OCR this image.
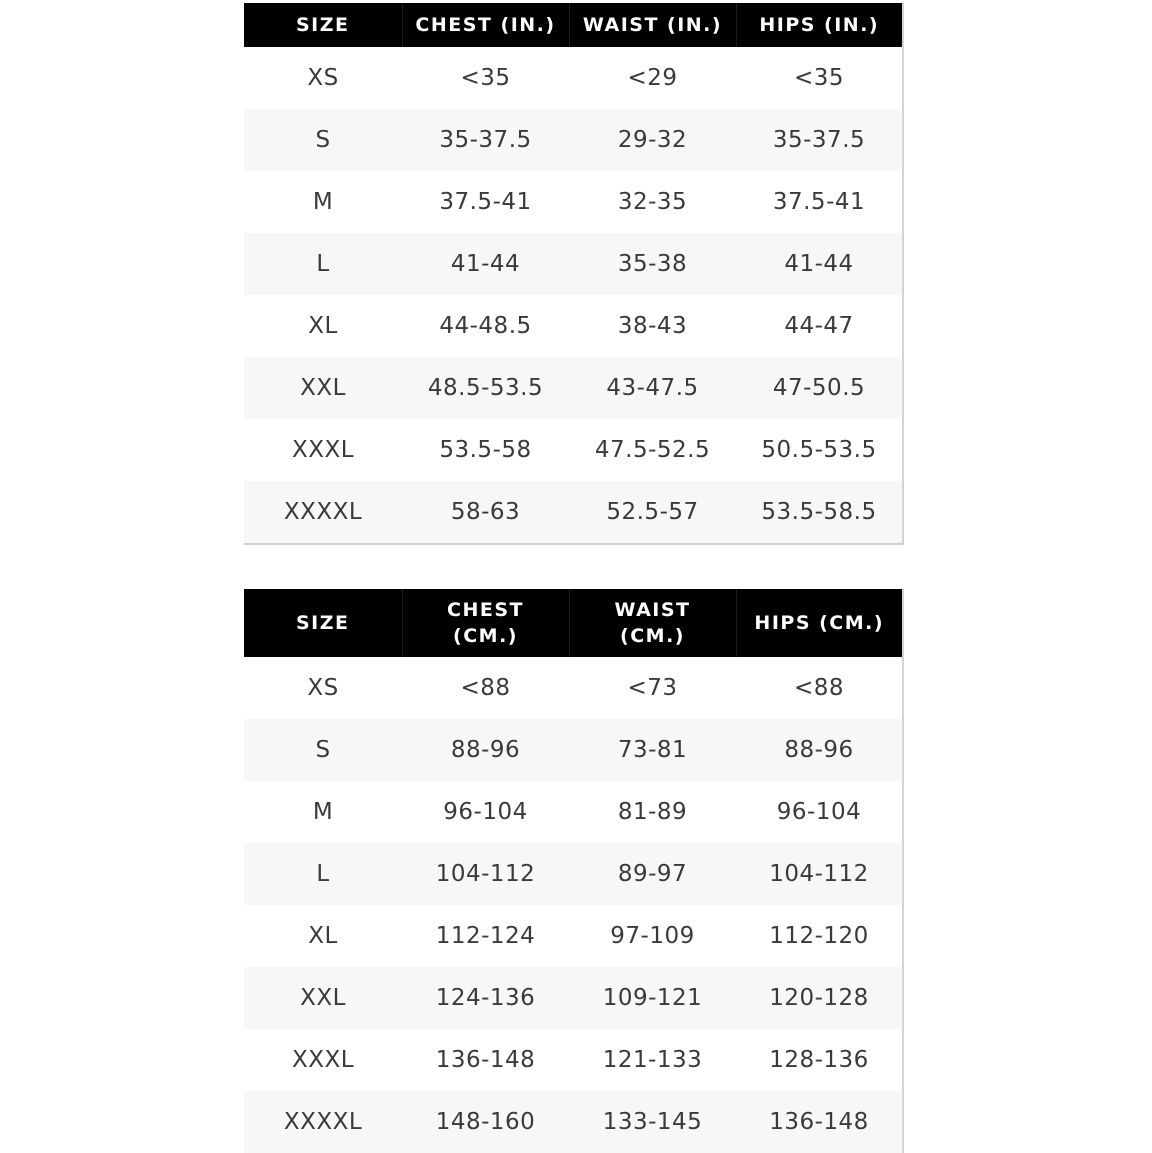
SIZE	CHEST (IN.)	WAIST (IN.)	HIPS (IN.)
XS	<35	<29	<35
S	35-37.5	29-32	35-37.5
M	37.5-41	32-35	37.5-41
L	41-44	35-38	41-44
XL	44-48.5	38-43	44-47
XXL	48.5-53.5	43-47.5	47-50.5
XXXL	53.5-58	47.5-52.5	50.5-53.5
XXXXL	58-63	52.5-57	53.5-58.5
SIZE	CHEST (CM.)	WAIST (CM.)	HIPS (CM.)
XS	<88	<73	<88
S	88-96	73-81	88-96
M	96-104	81-89	96-104
L	104-112	89-97	104-112
XL	112-124	97-109	112-120
XXL	124-136	109-121	120-128
XXXL	136-148	121-133	128-136
XXXXL	148-160	133-145	136-148
